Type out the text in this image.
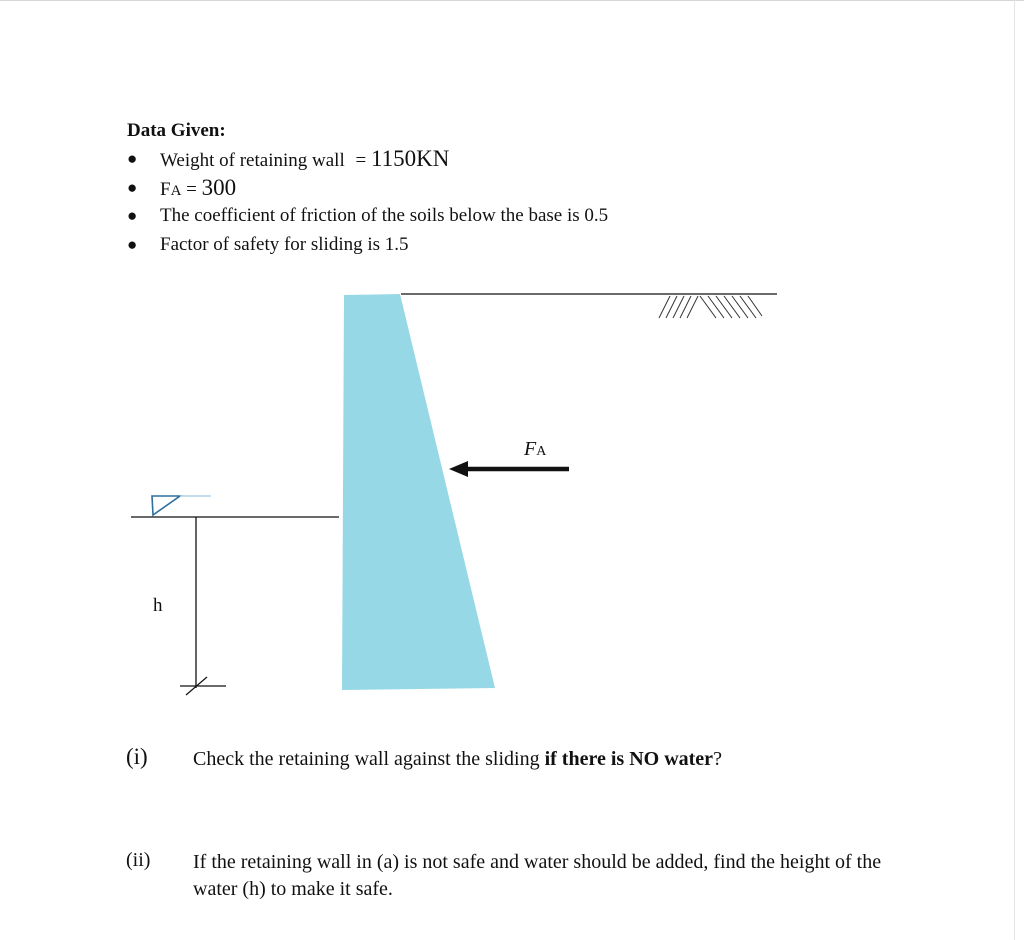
Data Given:
● Weight of retaining wall = 1150KN
● FA = 300
● The coefficient of friction of the soils below the base is 0.5
● Factor of safety for sliding is 1.5
FA
h
(i) Check the retaining wall against the sliding if there is NO water?
(ii) If the retaining wall in (a) is not safe and water should be added, find the height of the water (h) to make it safe.
